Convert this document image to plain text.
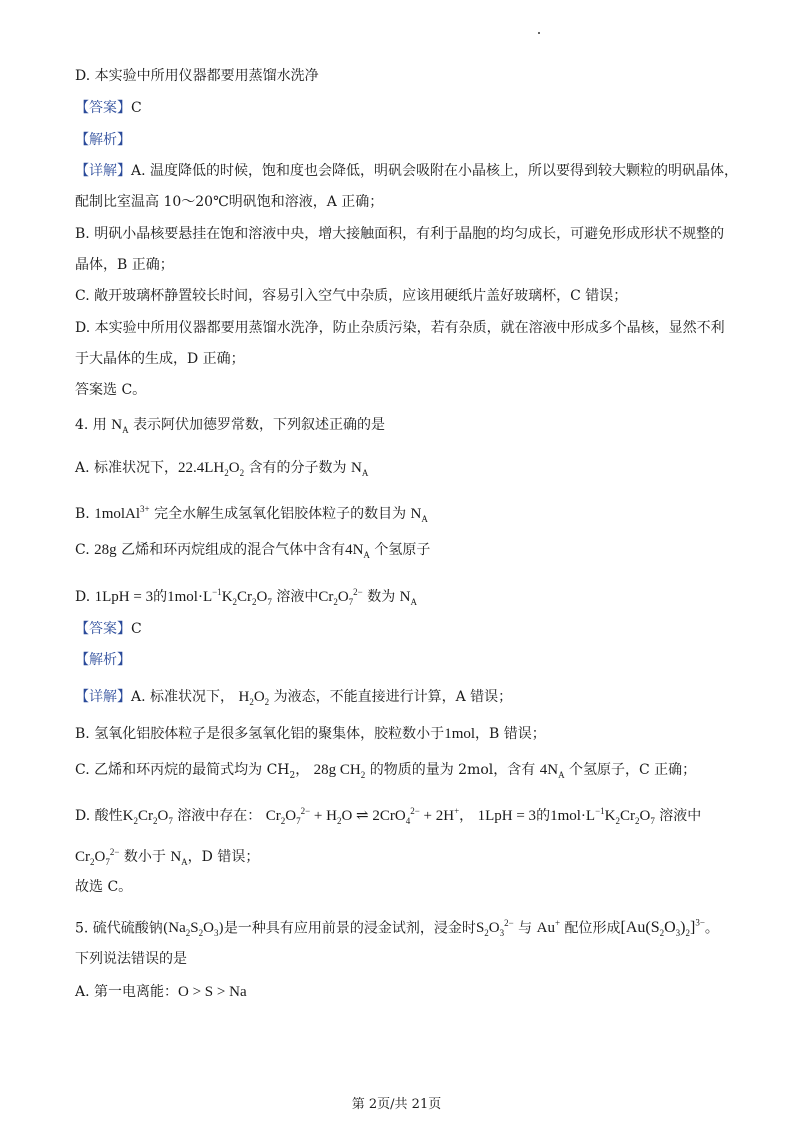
D. 本实验中所用仪器都要用蒸馏水洗净
【答案】C
【解析】
【详解】A. 温度降低的时候，饱和度也会降低，明矾会吸附在小晶核上，所以要得到较大颗粒的明矾晶体，
配制比室温高 10～20℃明矾饱和溶液，A 正确；
B. 明矾小晶核要悬挂在饱和溶液中央，增大接触面积，有利于晶胞的均匀成长，可避免形成形状不规整的
晶体，B 正确；
C. 敞开玻璃杯静置较长时间，容易引入空气中杂质，应该用硬纸片盖好玻璃杯，C 错误；
D. 本实验中所用仪器都要用蒸馏水洗净，防止杂质污染，若有杂质，就在溶液中形成多个晶核，显然不利
于大晶体的生成，D 正确；
答案选 C。
4. 用 $N_A$ 表示阿伏加德罗常数，下列叙述正确的是
A. 标准状况下，$22.4LH_2O_2$ 含有的分子数为 $N_A$
B. 1molAl$^{3+}$ 完全水解生成氢氧化铝胶体粒子的数目为 $N_A$
C. 28g 乙烯和环丙烷组成的混合气体中含有$4N_A$ 个氢原子
D. 1LpH = 3的$1mol\cdot L^{-1}K_2Cr_2O_7$ 溶液中$Cr_2O_7^{2-}$ 数为 $N_A$
【答案】C
【解析】
【详解】A. 标准状况下， $H_2O_2$ 为液态，不能直接进行计算，A 错误；
B. 氢氧化铝胶体粒子是很多氢氧化铝的聚集体，胶粒数小于1mol，B 错误；
C. 乙烯和环丙烷的最简式均为 $CH_2$， 28g $CH_2$ 的物质的量为 2mol，含有 $4N_A$ 个氢原子，C 正确；
D. 酸性$K_2Cr_2O_7$ 溶液中存在： $Cr_2O_7^{2-} + H_2O$ ⇌ 2CrO$_4^{2-}$ + 2H+， 1LpH = 3的$1mol\cdot L^{-1}K_2Cr_2O_7$ 溶液中
$Cr_2O_7^{2-}$ 数小于 $N_A$，D 错误；
故选 C。
5. 硫代硫酸钠$(Na_2S_2O_3)$是一种具有应用前景的浸金试剂，浸金时$S_2O_3^{2-}$ 与 Au+ 配位形成$[Au(S_2O_3)_2]^{3-}$。
下列说法错误的是
A. 第一电离能：O > S > Na
第 2页/共 21页
